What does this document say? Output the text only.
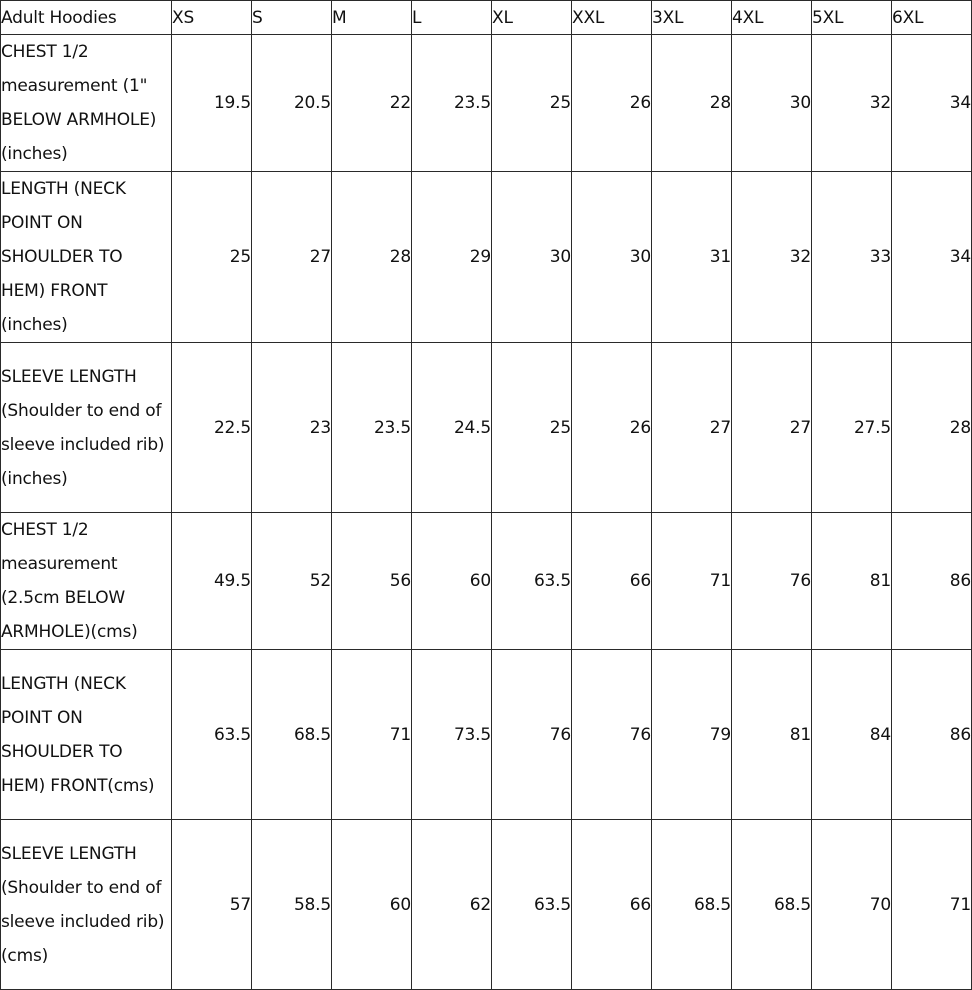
Adult Hoodies	XS	S	M	L	XL	XXL	3XL	4XL	5XL	6XL
CHEST 1/2 measurement (1" BELOW ARMHOLE) (inches)	19.5	20.5	22	23.5	25	26	28	30	32	34
LENGTH (NECK POINT ON SHOULDER TO HEM) FRONT (inches)	25	27	28	29	30	30	31	32	33	34
SLEEVE LENGTH (Shoulder to end of sleeve included rib) (inches)	22.5	23	23.5	24.5	25	26	27	27	27.5	28
CHEST 1/2 measurement (2.5cm BELOW ARMHOLE)(cms)	49.5	52	56	60	63.5	66	71	76	81	86
LENGTH (NECK POINT ON SHOULDER TO HEM) FRONT(cms)	63.5	68.5	71	73.5	76	76	79	81	84	86
SLEEVE LENGTH (Shoulder to end of sleeve included rib) (cms)	57	58.5	60	62	63.5	66	68.5	68.5	70	71
